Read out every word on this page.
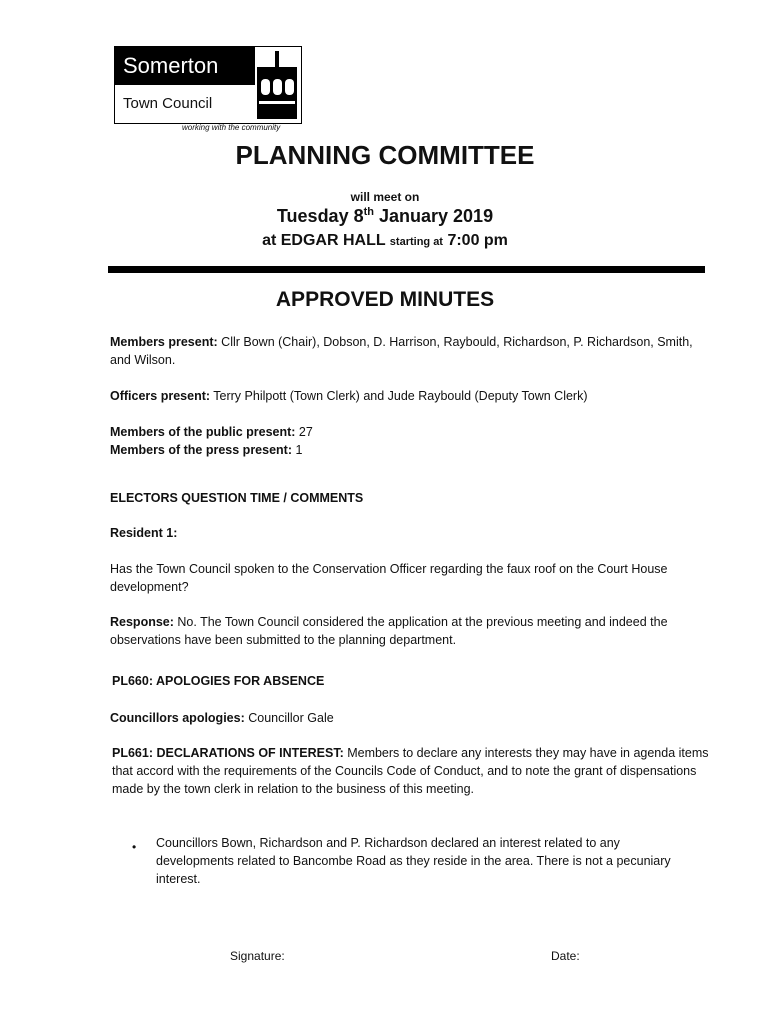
Somerton
Town Council
working with the community
PLANNING COMMITTEE
will meet on
Tuesday 8th January 2019
at EDGAR HALL starting at 7:00 pm
APPROVED MINUTES
Members present: Cllr Bown (Chair), Dobson, D. Harrison, Raybould, Richardson, P. Richardson, Smith, and Wilson.
Officers present: Terry Philpott (Town Clerk) and Jude Raybould (Deputy Town Clerk)
Members of the public present: 27
Members of the press present: 1
ELECTORS QUESTION TIME / COMMENTS
Resident 1:
Has the Town Council spoken to the Conservation Officer regarding the faux roof on the Court House development?
Response: No. The Town Council considered the application at the previous meeting and indeed the observations have been submitted to the planning department.
PL660: APOLOGIES FOR ABSENCE
Councillors apologies: Councillor Gale
PL661: DECLARATIONS OF INTEREST: Members to declare any interests they may have in agenda items that accord with the requirements of the Councils Code of Conduct, and to note the grant of dispensations made by the town clerk in relation to the business of this meeting.
• Councillors Bown, Richardson and P. Richardson declared an interest related to any developments related to Bancombe Road as they reside in the area. There is not a pecuniary interest.
Signature:	Date:
